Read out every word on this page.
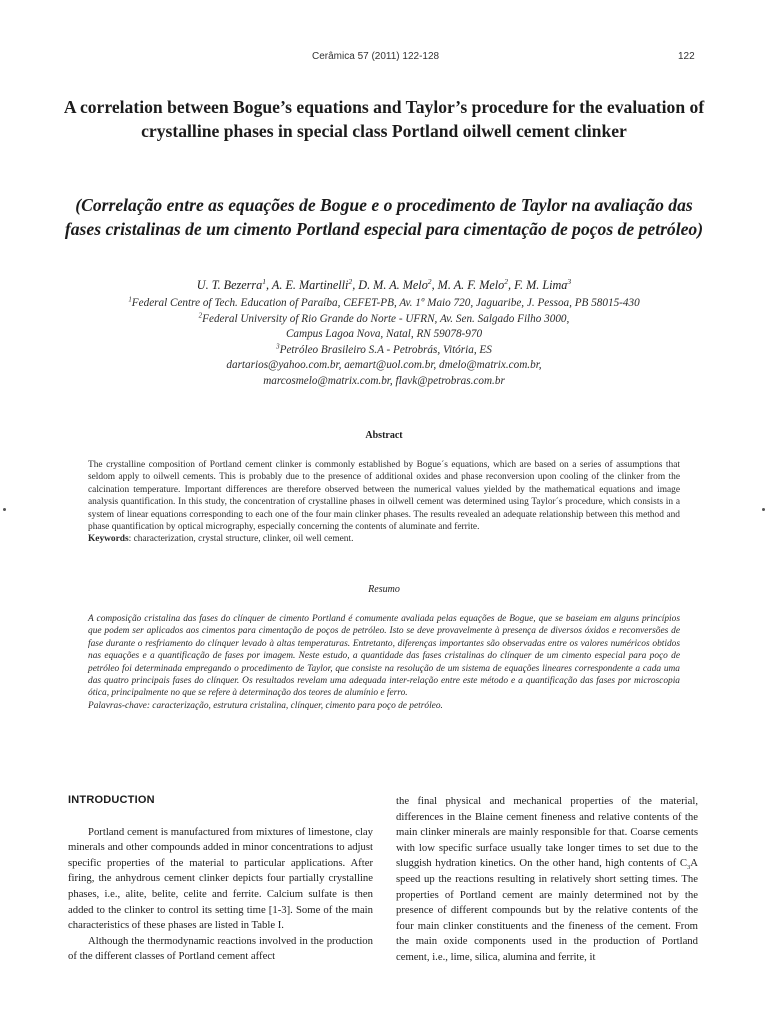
Cerâmica 57 (2011) 122-128	122
A correlation between Bogue’s equations and Taylor’s procedure for the evaluation of crystalline phases in special class Portland oilwell cement clinker
(Correlação entre as equações de Bogue e o procedimento de Taylor na avaliação das fases cristalinas de um cimento Portland especial para cimentação de poços de petróleo)
U. T. Bezerra$^1$, A. E. Martinelli$^2$, D. M. A. Melo$^2$, M. A. F. Melo$^2$, F. M. Lima$^3$
$^1$Federal Centre of Tech. Education of Paraíba, CEFET-PB, Av. 1º Maio 720, Jaguaribe, J. Pessoa, PB 58015-430
$^2$Federal University of Rio Grande do Norte - UFRN, Av. Sen. Salgado Filho 3000,
Campus Lagoa Nova, Natal, RN 59078-970
$^3$Petróleo Brasileiro S.A - Petrobrás, Vitória, ES
dartarios@yahoo.com.br, aemart@uol.com.br, dmelo@matrix.com.br,
marcosmelo@matrix.com.br, flavk@petrobras.com.br
Abstract
The crystalline composition of Portland cement clinker is commonly established by Bogue´s equations, which are based on a series of assumptions that seldom apply to oilwell cements. This is probably due to the presence of additional oxides and phase reconversion upon cooling of the clinker from the calcination temperature. Important differences are therefore observed between the numerical values yielded by the mathematical equations and image analysis quantification. In this study, the concentration of crystalline phases in oilwell cement was determined using Taylor´s procedure, which consists in a system of linear equations corresponding to each one of the four main clinker phases. The results revealed an adequate relationship between this method and phase quantification by optical micrography, especially concerning the contents of aluminate and ferrite.
Keywords: characterization, crystal structure, clinker, oil well cement.
Resumo
A composição cristalina das fases do clínquer de cimento Portland é comumente avaliada pelas equações de Bogue, que se baseiam em alguns princípios que podem ser aplicados aos cimentos para cimentação de poços de petróleo. Isto se deve provavelmente à presença de diversos óxidos e reconversões de fase durante o resfriamento do clínquer levado à altas temperaturas. Entretanto, diferenças importantes são observadas entre os valores numéricos obtidos nas equações e a quantificação de fases por imagem. Neste estudo, a quantidade das fases cristalinas do clínquer de um cimento especial para poço de petróleo foi determinada empregando o procedimento de Taylor, que consiste na resolução de um sistema de equações lineares correspondente a cada uma das quatro principais fases do clínquer. Os resultados revelam uma adequada inter-relação entre este método e a quantificação das fases por microscopia ótica, principalmente no que se refere à determinação dos teores de alumínio e ferro.
Palavras-chave: caracterização, estrutura cristalina, clínquer, cimento para poço de petróleo.
INTRODUCTION

Portland cement is manufactured from mixtures of limestone, clay minerals and other compounds added in minor concentrations to adjust specific properties of the material to particular applications. After firing, the anhydrous cement clinker depicts four partially crystalline phases, i.e., alite, belite, celite and ferrite. Calcium sulfate is then added to the clinker to control its setting time [1-3]. Some of the main characteristics of these phases are listed in Table I.

Although the thermodynamic reactions involved in the production of the different classes of Portland cement affect

the final physical and mechanical properties of the material, differences in the Blaine cement fineness and relative contents of the main clinker minerals are mainly responsible for that. Coarse cements with low specific surface usually take longer times to set due to the sluggish hydration kinetics. On the other hand, high contents of $C_3A$ speed up the reactions resulting in relatively short setting times. The properties of Portland cement are mainly determined not by the presence of different compounds but by the relative contents of the four main clinker constituents and the fineness of the cement. From the main oxide components used in the production of Portland cement, i.e., lime, silica, alumina and ferrite, it
